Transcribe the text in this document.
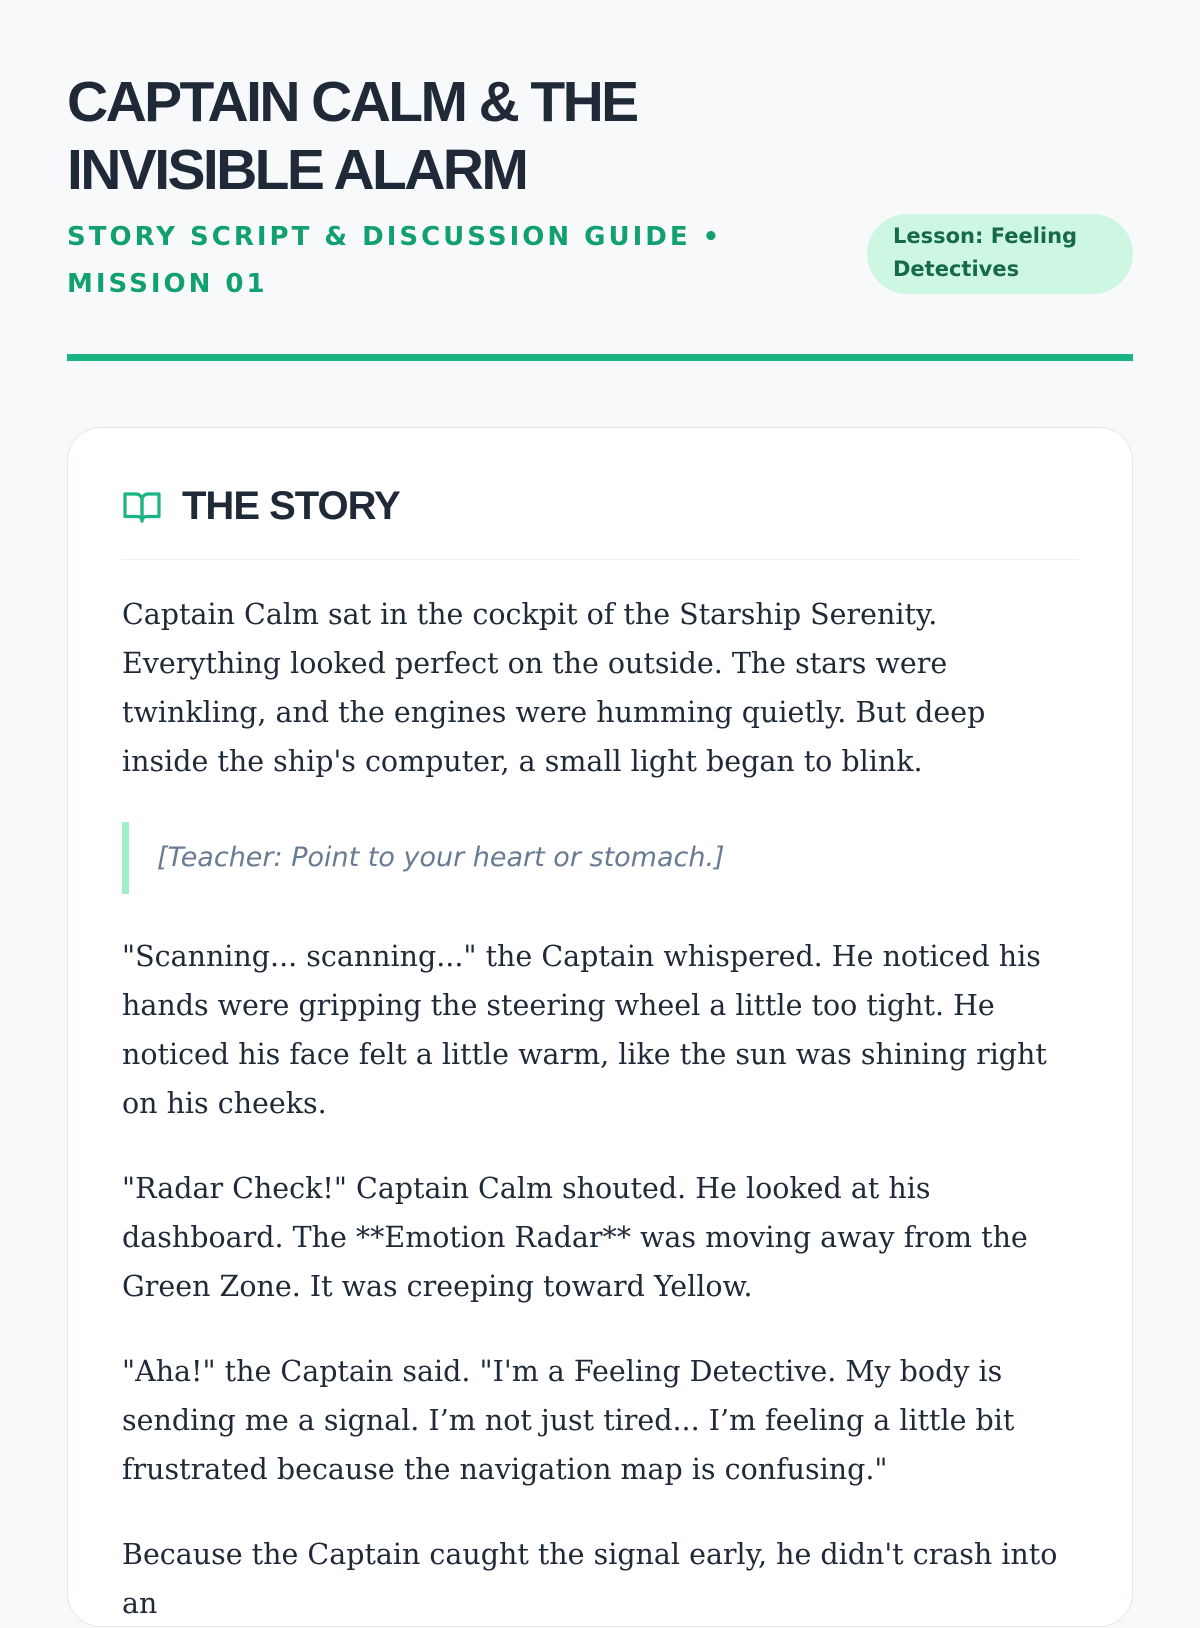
CAPTAIN CALM & THE INVISIBLE ALARM
STORY SCRIPT & DISCUSSION GUIDE • MISSION 01
Lesson: Feeling Detectives
THE STORY

Captain Calm sat in the cockpit of the Starship Serenity. Everything looked perfect on the outside. The stars were twinkling, and the engines were humming quietly. But deep inside the ship's computer, a small light began to blink.

[Teacher: Point to your heart or stomach.]

"Scanning... scanning..." the Captain whispered. He noticed his hands were gripping the steering wheel a little too tight. He noticed his face felt a little warm, like the sun was shining right on his cheeks.

"Radar Check!" Captain Calm shouted. He looked at his dashboard. The **Emotion Radar** was moving away from the Green Zone. It was creeping toward Yellow.

"Aha!" the Captain said. "I'm a Feeling Detective. My body is sending me a signal. I’m not just tired... I’m feeling a little bit frustrated because the navigation map is confusing."

Because the Captain caught the signal early, he didn't crash into an
